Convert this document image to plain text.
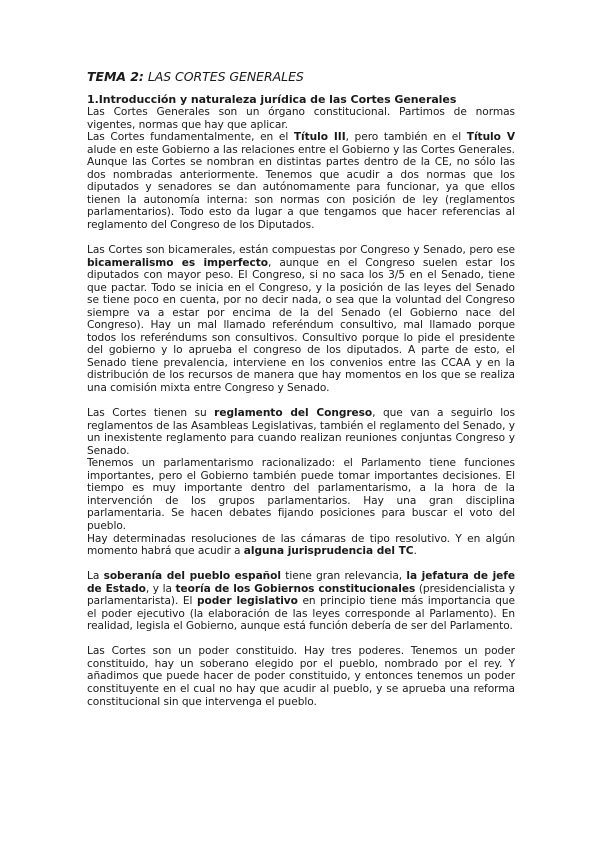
TEMA 2: LAS CORTES GENERALES
1.Introducción y naturaleza jurídica de las Cortes Generales

Las Cortes Generales son un órgano constitucional. Partimos de normas vigentes, normas que hay que aplicar.

Las Cortes fundamentalmente, en el Título III, pero también en el Título V alude en este Gobierno a las relaciones entre el Gobierno y las Cortes Generales. Aunque las Cortes se nombran en distintas partes dentro de la CE, no sólo las dos nombradas anteriormente. Tenemos que acudir a dos normas que los diputados y senadores se dan autónomamente para funcionar, ya que ellos tienen la autonomía interna: son normas con posición de ley (reglamentos parlamentarios). Todo esto da lugar a que tengamos que hacer referencias al reglamento del Congreso de los Diputados.

Las Cortes son bicamerales, están compuestas por Congreso y Senado, pero ese bicameralismo es imperfecto, aunque en el Congreso suelen estar los diputados con mayor peso. El Congreso, si no saca los 3/5 en el Senado, tiene que pactar. Todo se inicia en el Congreso, y la posición de las leyes del Senado se tiene poco en cuenta, por no decir nada, o sea que la voluntad del Congreso siempre va a estar por encima de la del Senado (el Gobierno nace del Congreso). Hay un mal llamado referéndum consultivo, mal llamado porque todos los referéndums son consultivos. Consultivo porque lo pide el presidente del gobierno y lo aprueba el congreso de los diputados. A parte de esto, el Senado tiene prevalencia, interviene en los convenios entre las CCAA y en la distribución de los recursos de manera que hay momentos en los que se realiza una comisión mixta entre Congreso y Senado.

Las Cortes tienen su reglamento del Congreso, que van a seguirlo los reglamentos de las Asambleas Legislativas, también el reglamento del Senado, y un inexistente reglamento para cuando realizan reuniones conjuntas Congreso y Senado.

Tenemos un parlamentarismo racionalizado: el Parlamento tiene funciones importantes, pero el Gobierno también puede tomar importantes decisiones. El tiempo es muy importante dentro del parlamentarismo, a la hora de la intervención de los grupos parlamentarios. Hay una gran disciplina parlamentaria. Se hacen debates fijando posiciones para buscar el voto del pueblo.

Hay determinadas resoluciones de las cámaras de tipo resolutivo. Y en algún momento habrá que acudir a alguna jurisprudencia del TC.

La soberanía del pueblo español tiene gran relevancia, la jefatura de jefe de Estado, y la teoría de los Gobiernos constitucionales (presidencialista y parlamentarista). El poder legislativo en principio tiene más importancia que el poder ejecutivo (la elaboración de las leyes corresponde al Parlamento). En realidad, legisla el Gobierno, aunque está función debería de ser del Parlamento.

Las Cortes son un poder constituido. Hay tres poderes. Tenemos un poder constituido, hay un soberano elegido por el pueblo, nombrado por el rey. Y añadimos que puede hacer de poder constituido, y entonces tenemos un poder constituyente en el cual no hay que acudir al pueblo, y se aprueba una reforma constitucional sin que intervenga el pueblo.
